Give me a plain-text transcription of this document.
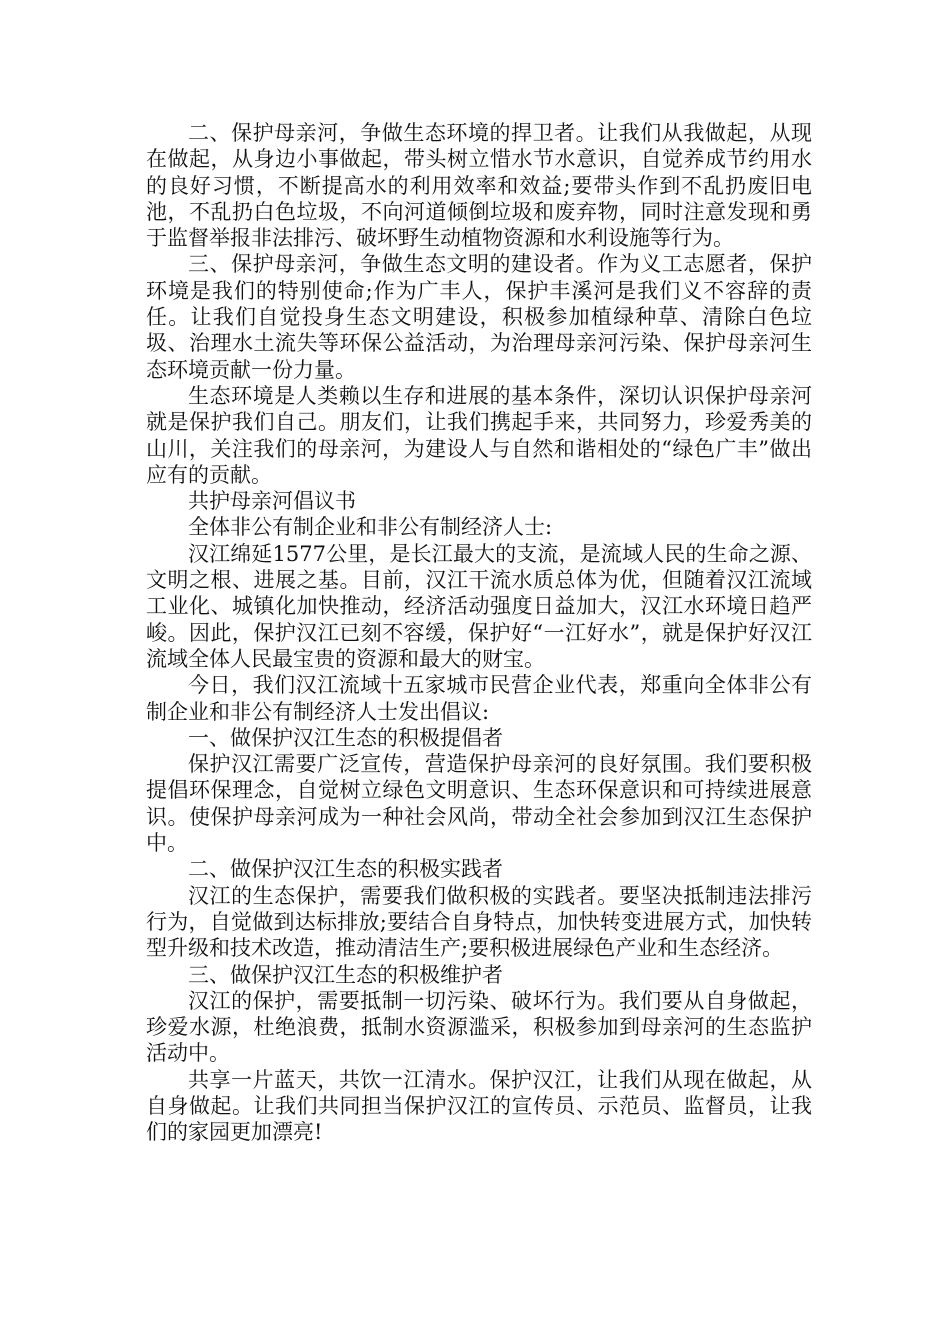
二、保护母亲河，争做生态环境的捍卫者。让我们从我做起，从现在做起，从身边小事做起，带头树立惜水节水意识，自觉养成节约用水的良好习惯，不断提高水的利用效率和效益;要带头作到不乱扔废旧电池，不乱扔白色垃圾，不向河道倾倒垃圾和废弃物，同时注意发现和勇于监督举报非法排污、破坏野生动植物资源和水利设施等行为。

三、保护母亲河，争做生态文明的建设者。作为义工志愿者，保护环境是我们的特别使命;作为广丰人，保护丰溪河是我们义不容辞的责任。让我们自觉投身生态文明建设，积极参加植绿种草、清除白色垃圾、治理水土流失等环保公益活动，为治理母亲河污染、保护母亲河生态环境贡献一份力量。

生态环境是人类赖以生存和进展的基本条件，深切认识保护母亲河就是保护我们自己。朋友们，让我们携起手来，共同努力，珍爱秀美的山川，关注我们的母亲河，为建设人与自然和谐相处的“绿色广丰”做出应有的贡献。

共护母亲河倡议书

全体非公有制企业和非公有制经济人士:

汉江绵延1577公里，是长江最大的支流，是流域人民的生命之源、文明之根、进展之基。目前，汉江干流水质总体为优，但随着汉江流域工业化、城镇化加快推动，经济活动强度日益加大，汉江水环境日趋严峻。因此，保护汉江已刻不容缓，保护好“一江好水”，就是保护好汉江流域全体人民最宝贵的资源和最大的财宝。

今日，我们汉江流域十五家城市民营企业代表，郑重向全体非公有制企业和非公有制经济人士发出倡议:

一、做保护汉江生态的积极提倡者

保护汉江需要广泛宣传，营造保护母亲河的良好氛围。我们要积极提倡环保理念，自觉树立绿色文明意识、生态环保意识和可持续进展意识。使保护母亲河成为一种社会风尚，带动全社会参加到汉江生态保护中。

二、做保护汉江生态的积极实践者

汉江的生态保护，需要我们做积极的实践者。要坚决抵制违法排污行为，自觉做到达标排放;要结合自身特点，加快转变进展方式，加快转型升级和技术改造，推动清洁生产;要积极进展绿色产业和生态经济。

三、做保护汉江生态的积极维护者

汉江的保护，需要抵制一切污染、破坏行为。我们要从自身做起，珍爱水源，杜绝浪费，抵制水资源滥采，积极参加到母亲河的生态监护活动中。

共享一片蓝天，共饮一江清水。保护汉江，让我们从现在做起，从自身做起。让我们共同担当保护汉江的宣传员、示范员、监督员，让我们的家园更加漂亮!
